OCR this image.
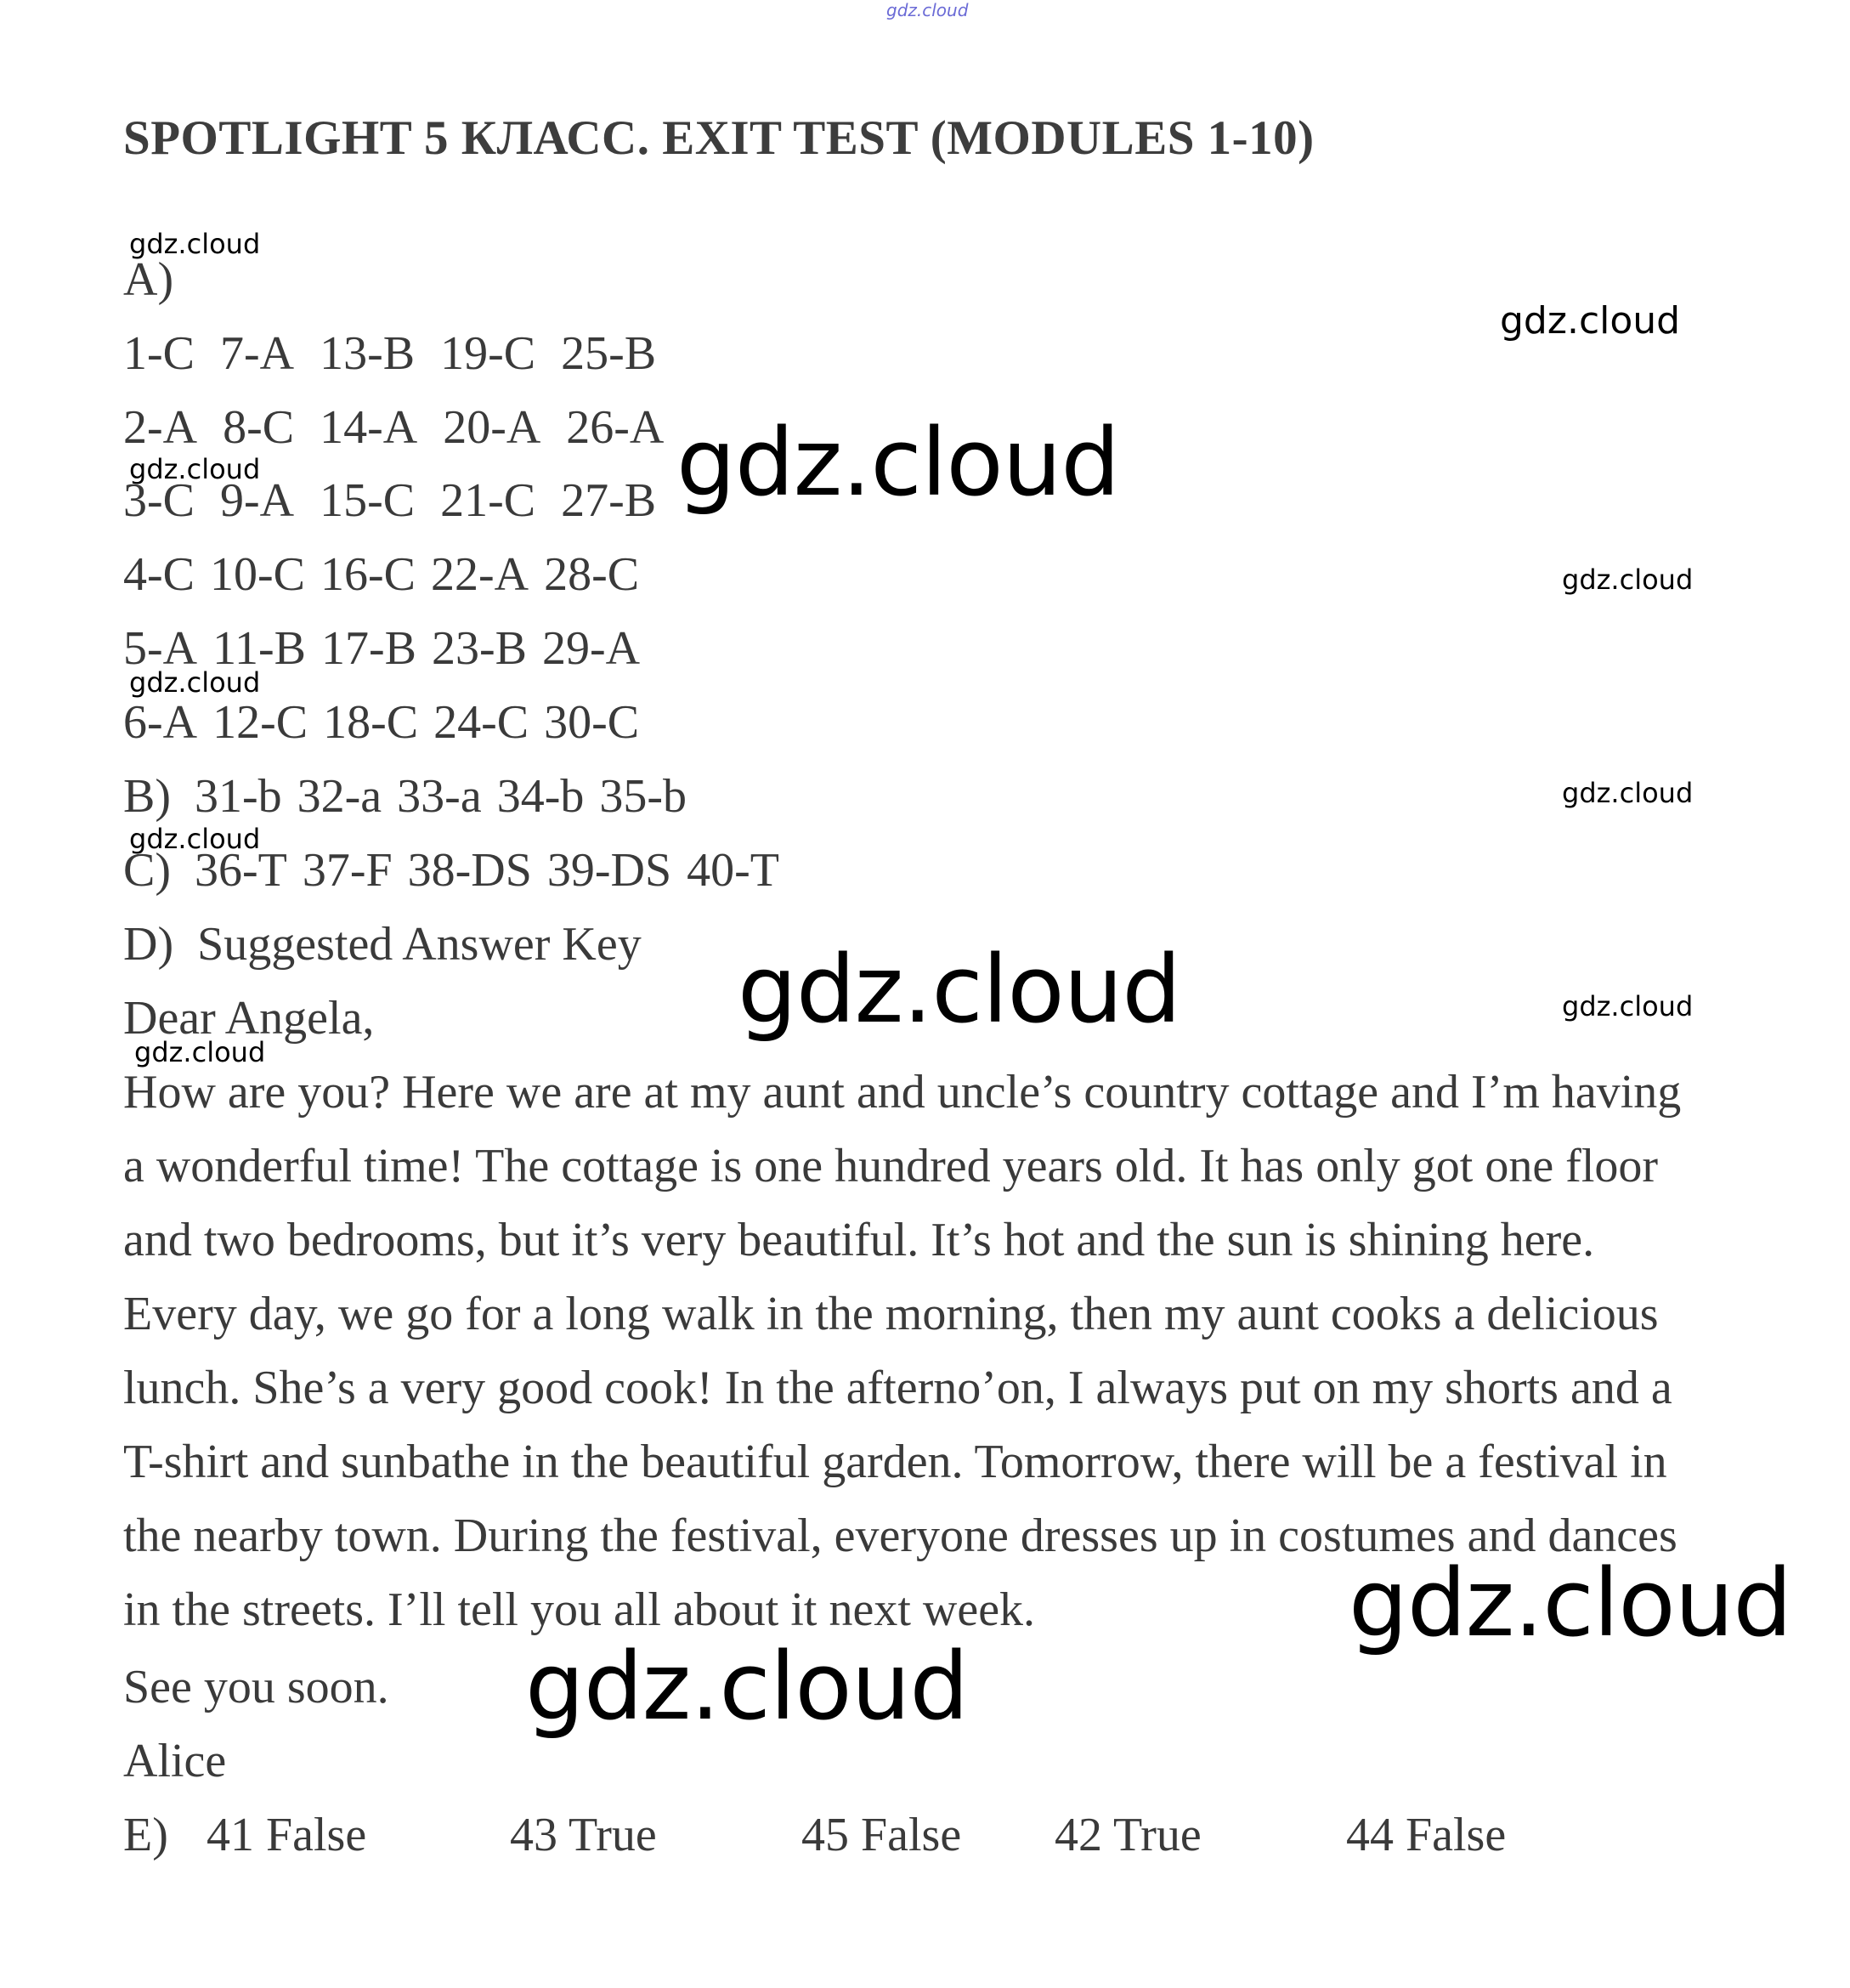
gdz.cloud
SPOTLIGHT 5 КЛАСС. EXIT TEST (MODULES 1-10)
A)
1-C 7-A 13-B 19-C 25-B
2-A 8-C 14-A 20-A 26-A
3-C 9-A 15-C 21-C 27-B
4-C 10-C 16-C 22-A 28-C
5-A 11-B 17-B 23-B 29-A
6-A 12-C 18-C 24-C 30-C
B) 31-b 32-a 33-a 34-b 35-b
C) 36-T 37-F 38-DS 39-DS 40-T
D) Suggested Answer Key
Dear Angela,
How are you? Here we are at my aunt and uncle’s country cottage and I’m having
a wonderful time! The cottage is one hundred years old. It has only got one floor
and two bedrooms, but it’s very beautiful. It’s hot and the sun is shining here.
Every day, we go for a long walk in the morning, then my aunt cooks a delicious
lunch. She’s a very good cook! In the afterno’on, I always put on my shorts and a
T-shirt and sunbathe in the beautiful garden. Tomorrow, there will be a festival in
the nearby town. During the festival, everyone dresses up in costumes and dances
in the streets. I’ll tell you all about it next week.
See you soon.
Alice
E) 41 False	43 True	45 False 42 True	44 False
gdz.cloud
gdz.cloud
gdz.cloud
gdz.cloud
gdz.cloud
gdz.cloud
gdz.cloud
gdz.cloud
gdz.cloud	gdz.cloud
gdz.cloud
gdz.cloud
gdz.cloud
